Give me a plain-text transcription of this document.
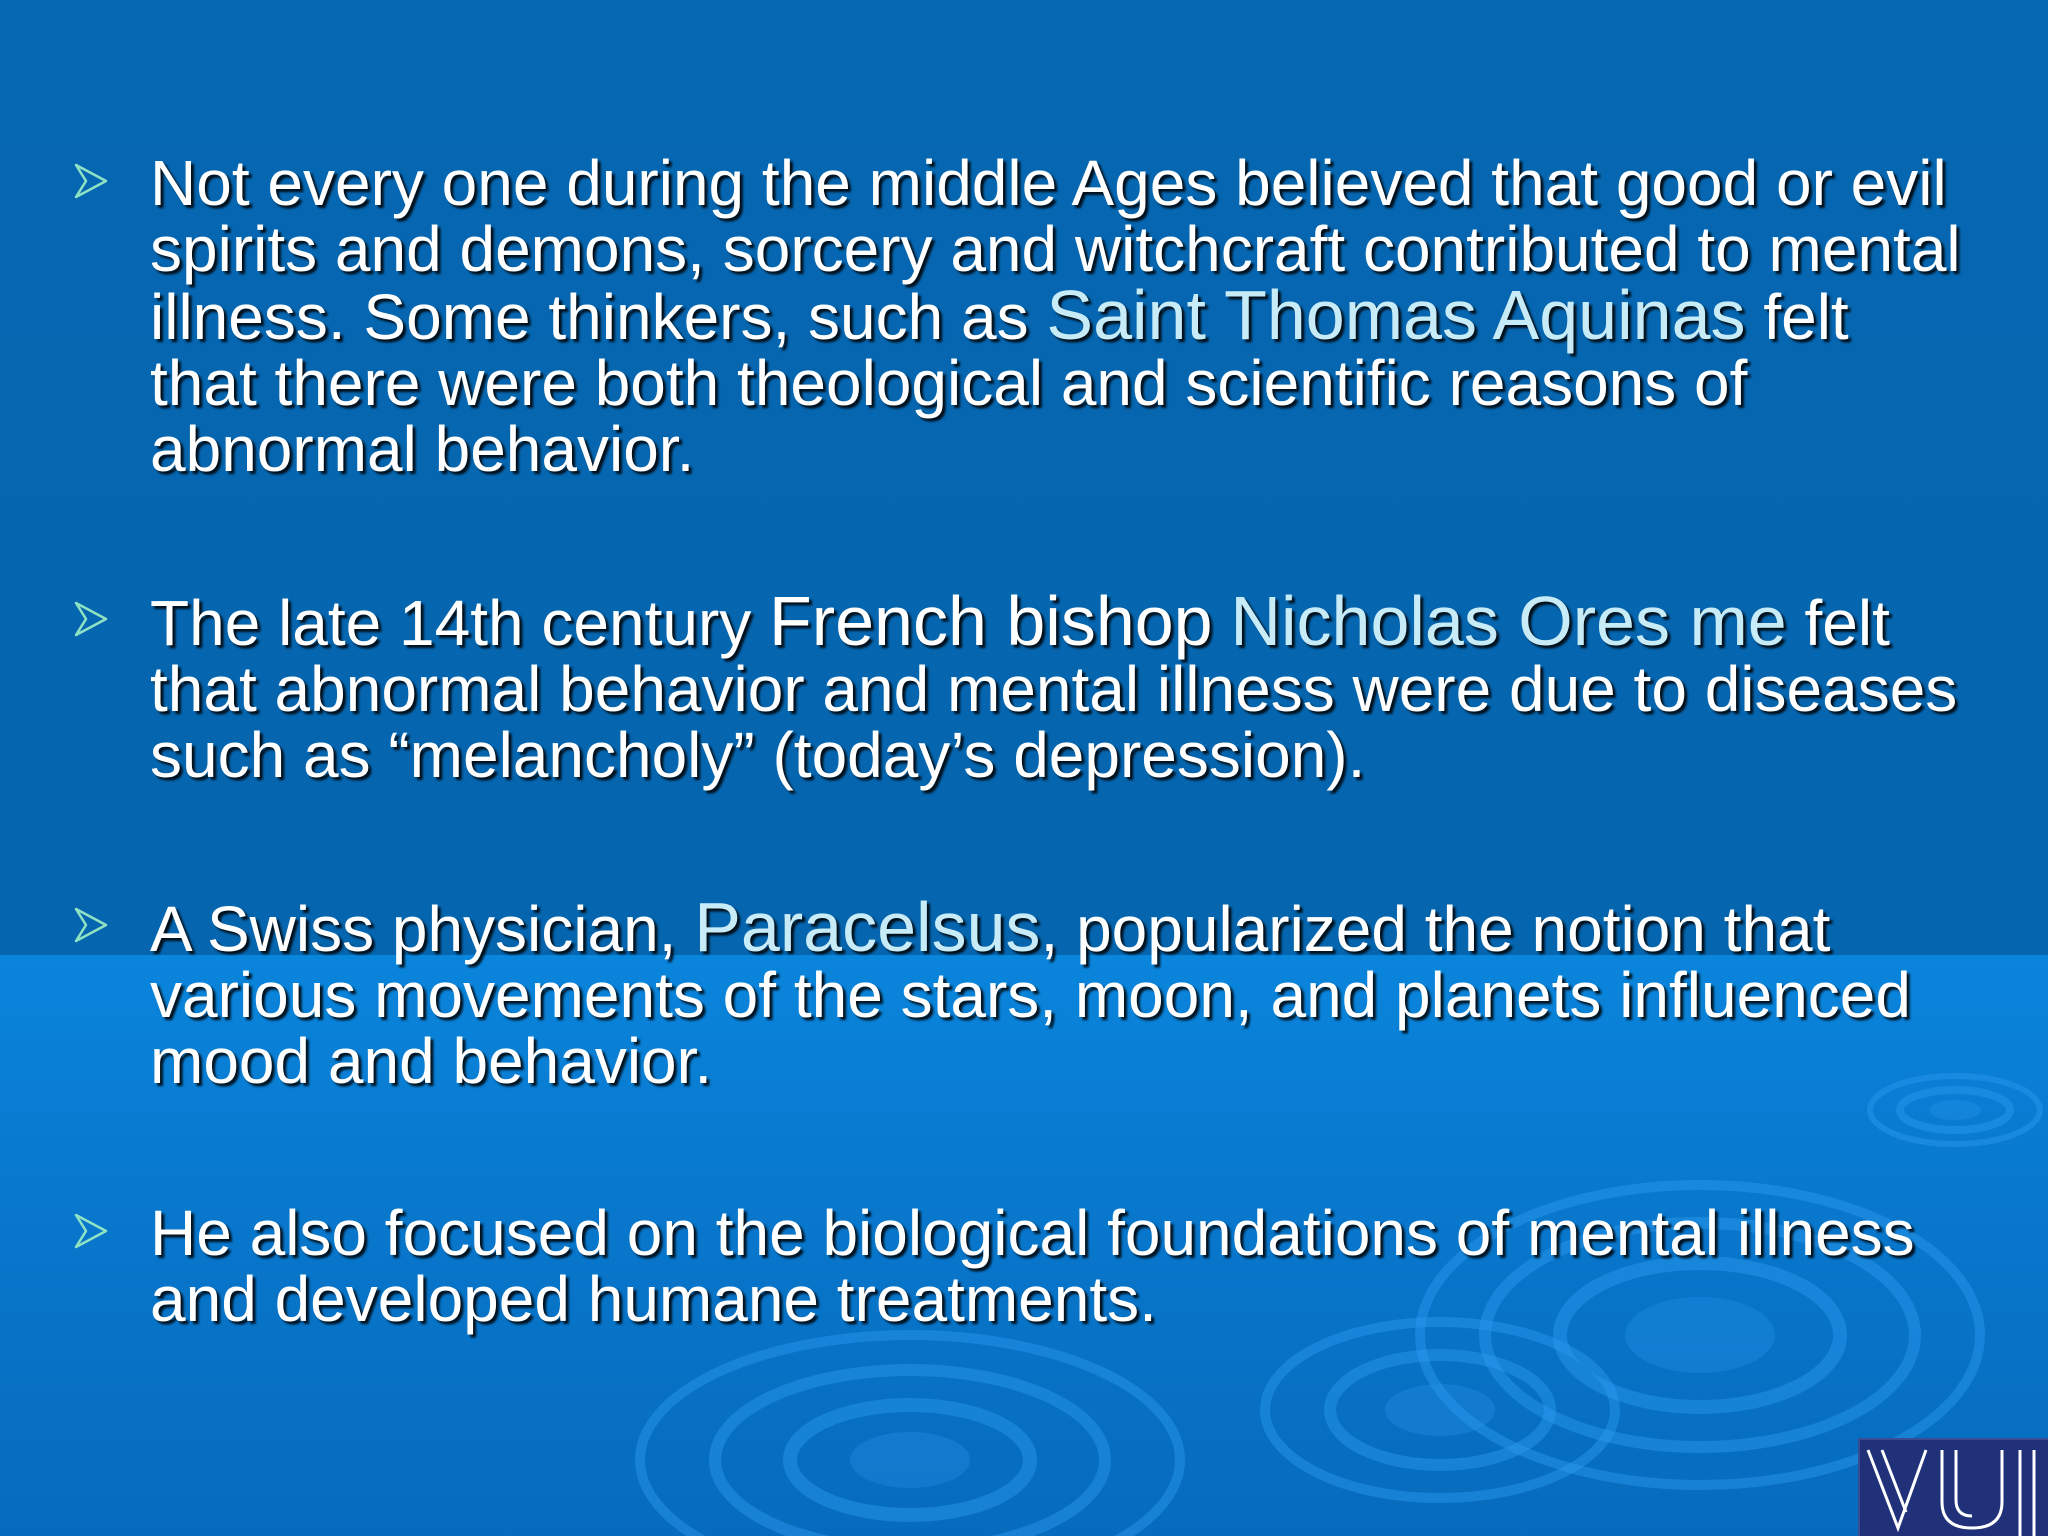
Not every one during the middle Ages believed that good or evil spirits and demons, sorcery and witchcraft contributed to mental illness. Some thinkers, such as Saint Thomas Aquinas felt that there were both theological and scientific reasons of abnormal behavior.
The late 14th century French bishop Nicholas Ores me felt that abnormal behavior and mental illness were due to diseases such as “melancholy” (today’s depression).
A Swiss physician, Paracelsus, popularized the notion that various movements of the stars, moon, and planets influenced mood and behavior.
He also focused on the biological foundations of mental illness and developed humane treatments.
